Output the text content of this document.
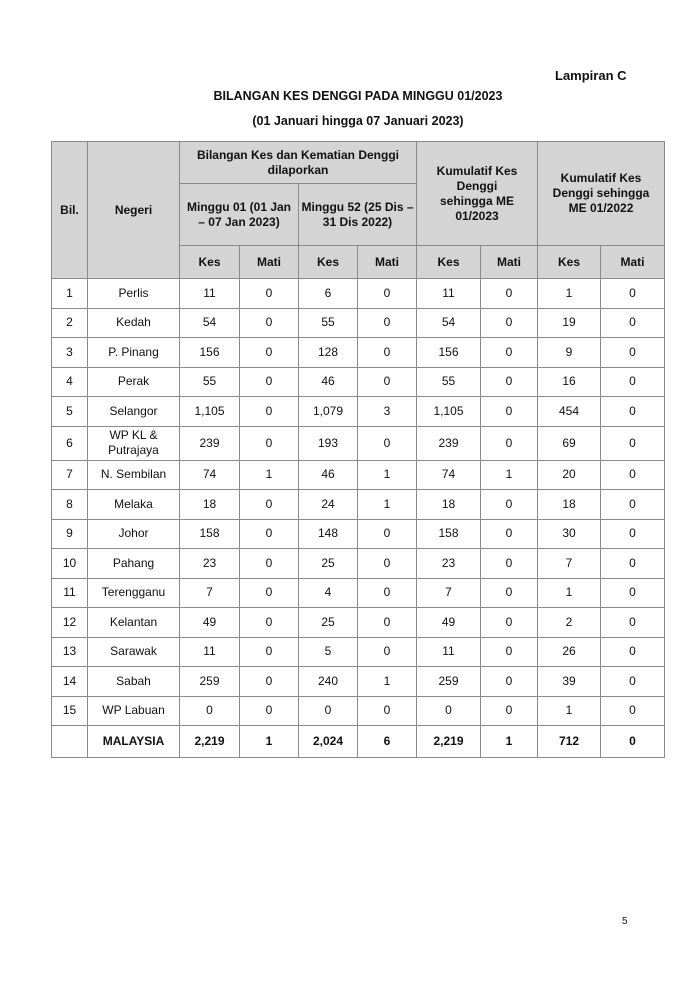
Lampiran C
BILANGAN KES DENGGI PADA MINGGU 01/2023
(01 Januari hingga 07 Januari 2023)
Bil.	Negeri	Bilangan Kes dan Kematian Denggi dilaporkan				Kumulatif Kes Denggi sehingga ME 01/2023		Kumulatif Kes Denggi sehingga ME 01/2022	
		Minggu 01 (01 Jan – 07 Jan 2023)		Minggu 52 (25 Dis – 31 Dis 2022)					
		Kes	Mati	Kes	Mati	Kes	Mati	Kes	Mati
1	Perlis	11	0	6	0	11	0	1	0
2	Kedah	54	0	55	0	54	0	19	0
3	P. Pinang	156	0	128	0	156	0	9	0
4	Perak	55	0	46	0	55	0	16	0
5	Selangor	1,105	0	1,079	3	1,105	0	454	0
6	WP KL & Putrajaya	239	0	193	0	239	0	69	0
7	N. Sembilan	74	1	46	1	74	1	20	0
8	Melaka	18	0	24	1	18	0	18	0
9	Johor	158	0	148	0	158	0	30	0
10	Pahang	23	0	25	0	23	0	7	0
11	Terengganu	7	0	4	0	7	0	1	0
12	Kelantan	49	0	25	0	49	0	2	0
13	Sarawak	11	0	5	0	11	0	26	0
14	Sabah	259	0	240	1	259	0	39	0
15	WP Labuan	0	0	0	0	0	0	1	0
	MALAYSIA	2,219	1	2,024	6	2,219	1	712	0
5
